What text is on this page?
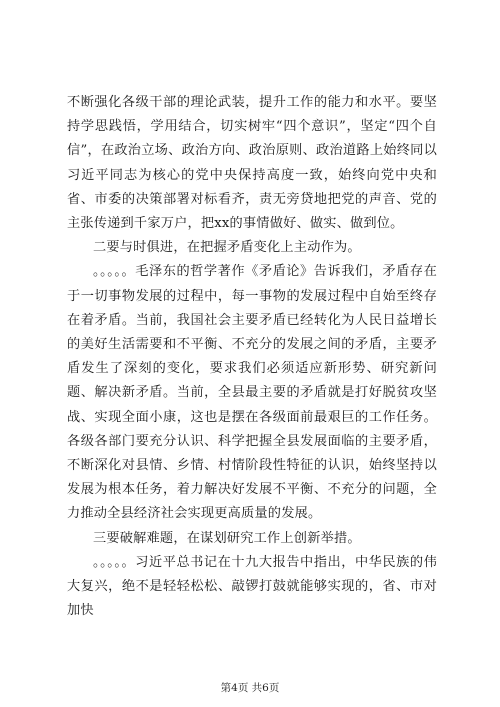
不断强化各级干部的理论武装，提升工作的能力和水平。要坚持学思践悟，学用结合，切实树牢“四个意识”，坚定“四个自信”，在政治立场、政治方向、政治原则、政治道路上始终同以习近平同志为核心的党中央保持高度一致，始终向党中央和省、市委的决策部署对标看齐，责无旁贷地把党的声音、党的主张传递到千家万户，把xx的事情做好、做实、做到位。

二要与时俱进，在把握矛盾变化上主动作为。

。。。。。毛泽东的哲学著作《矛盾论》告诉我们，矛盾存在于一切事物发展的过程中，每一事物的发展过程中自始至终存在着矛盾。当前，我国社会主要矛盾已经转化为人民日益增长的美好生活需要和不平衡、不充分的发展之间的矛盾，主要矛盾发生了深刻的变化，要求我们必须适应新形势、研究新问题、解决新矛盾。当前，全县最主要的矛盾就是打好脱贫攻坚战、实现全面小康，这也是摆在各级面前最艰巨的工作任务。各级各部门要充分认识、科学把握全县发展面临的主要矛盾，不断深化对县情、乡情、村情阶段性特征的认识，始终坚持以发展为根本任务，着力解决好发展不平衡、不充分的问题，全力推动全县经济社会实现更高质量的发展。

三要破解难题，在谋划研究工作上创新举措。

。。。。。习近平总书记在十九大报告中指出，中华民族的伟大复兴，绝不是轻轻松松、敲锣打鼓就能够实现的，省、市对加快

第4页 共6页
